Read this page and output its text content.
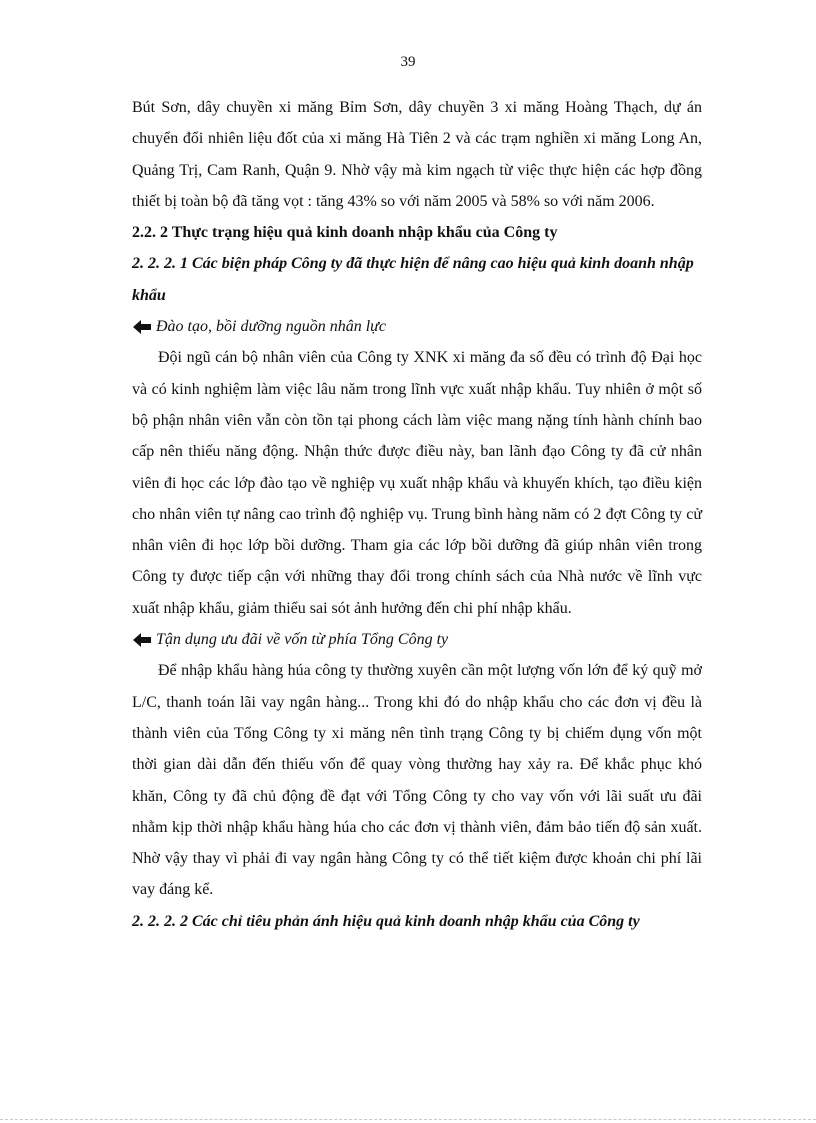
39

Bút Sơn, dây chuyền xi măng Bỉm Sơn, dây chuyền 3 xi măng Hoàng Thạch, dự án chuyển đổi nhiên liệu đốt của xi măng Hà Tiên 2 và các trạm nghiền xi măng Long An, Quảng Trị, Cam Ranh, Quận 9. Nhờ vậy mà kim ngạch từ việc thực hiện các hợp đồng thiết bị toàn bộ đã tăng vọt : tăng 43% so với năm 2005 và 58% so với năm 2006.

2.2. 2 Thực trạng hiệu quả kinh doanh nhập khẩu của Công ty

2. 2. 2. 1 Các biện pháp Công ty đã thực hiện để nâng cao hiệu quả kinh doanh nhập khẩu

Đào tạo, bồi dưỡng nguồn nhân lực

Đội ngũ cán bộ nhân viên của Công ty XNK xi măng đa số đều có trình độ Đại học và có kinh nghiệm làm việc lâu năm trong lĩnh vực xuất nhập khẩu. Tuy nhiên ở một số bộ phận nhân viên vẫn còn tồn tại phong cách làm việc mang nặng tính hành chính bao cấp nên thiếu năng động. Nhận thức được điều này, ban lãnh đạo Công ty đã cử nhân viên đi học các lớp đào tạo về nghiệp vụ xuất nhập khẩu và khuyến khích, tạo điều kiện cho nhân viên tự nâng cao trình độ nghiệp vụ. Trung bình hàng năm có 2 đợt Công ty cử nhân viên đi học lớp bồi dưỡng. Tham gia các lớp bồi dưỡng đã giúp nhân viên trong Công ty được tiếp cận với những thay đổi trong chính sách của Nhà nước về lĩnh vực xuất nhập khẩu, giảm thiểu sai sót ảnh hưởng đến chi phí nhập khẩu.

Tận dụng ưu đãi về vốn từ phía Tổng Công ty

Để nhập khẩu hàng húa công ty thường xuyên cần một lượng vốn lớn để ký quỹ mở L/C, thanh toán lãi vay ngân hàng... Trong khi đó do nhập khẩu cho các đơn vị đều là thành viên của Tổng Công ty xi măng nên tình trạng Công ty bị chiếm dụng vốn một thời gian dài dẫn đến thiếu vốn để quay vòng thường hay xảy ra. Để khắc phục khó khăn, Công ty đã chủ động đề đạt với Tổng Công ty cho vay vốn với lãi suất ưu đãi nhằm kịp thời nhập khẩu hàng húa cho các đơn vị thành viên, đảm bảo tiến độ sản xuất. Nhờ vậy thay vì phải đi vay ngân hàng Công ty có thể tiết kiệm được khoản chi phí lãi vay đáng kể.

2. 2. 2. 2 Các chỉ tiêu phản ánh hiệu quả kinh doanh nhập khẩu của Công ty
